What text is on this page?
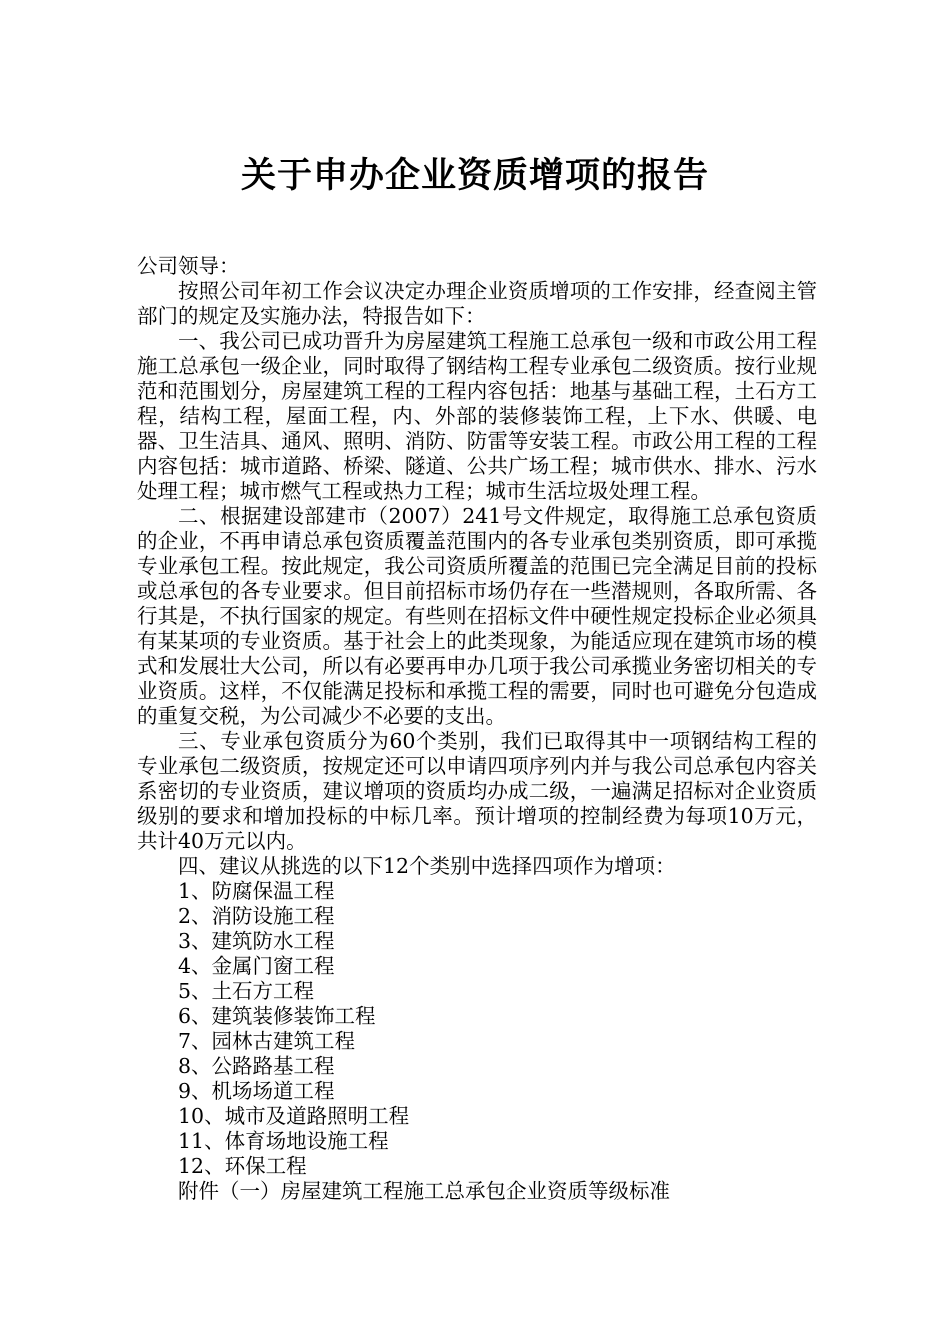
关于申办企业资质增项的报告

公司领导：

按照公司年初工作会议决定办理企业资质增项的工作安排，经查阅主管部门的规定及实施办法，特报告如下：

一、我公司已成功晋升为房屋建筑工程施工总承包一级和市政公用工程施工总承包一级企业，同时取得了钢结构工程专业承包二级资质。按行业规范和范围划分，房屋建筑工程的工程内容包括：地基与基础工程，土石方工程，结构工程，屋面工程，内、外部的装修装饰工程，上下水、供暖、电器、卫生洁具、通风、照明、消防、防雷等安装工程。市政公用工程的工程内容包括：城市道路、桥梁、隧道、公共广场工程；城市供水、排水、污水处理工程；城市燃气工程或热力工程；城市生活垃圾处理工程。

二、根据建设部建市（2007）241号文件规定，取得施工总承包资质的企业，不再申请总承包资质覆盖范围内的各专业承包类别资质，即可承揽专业承包工程。按此规定，我公司资质所覆盖的范围已完全满足目前的投标或总承包的各专业要求。但目前招标市场仍存在一些潜规则，各取所需、各行其是，不执行国家的规定。有些则在招标文件中硬性规定投标企业必须具有某某项的专业资质。基于社会上的此类现象，为能适应现在建筑市场的模式和发展壮大公司，所以有必要再申办几项于我公司承揽业务密切相关的专业资质。这样，不仅能满足投标和承揽工程的需要，同时也可避免分包造成的重复交税，为公司减少不必要的支出。

三、专业承包资质分为60个类别，我们已取得其中一项钢结构工程的专业承包二级资质，按规定还可以申请四项序列内并与我公司总承包内容关系密切的专业资质，建议增项的资质均办成二级，一遍满足招标对企业资质级别的要求和增加投标的中标几率。预计增项的控制经费为每项10万元，共计40万元以内。

四、建议从挑选的以下12个类别中选择四项作为增项：

1、防腐保温工程
2、消防设施工程
3、建筑防水工程
4、金属门窗工程
5、土石方工程
6、建筑装修装饰工程
7、园林古建筑工程
8、公路路基工程
9、机场场道工程
10、城市及道路照明工程
11、体育场地设施工程
12、环保工程

附件（一）房屋建筑工程施工总承包企业资质等级标准
